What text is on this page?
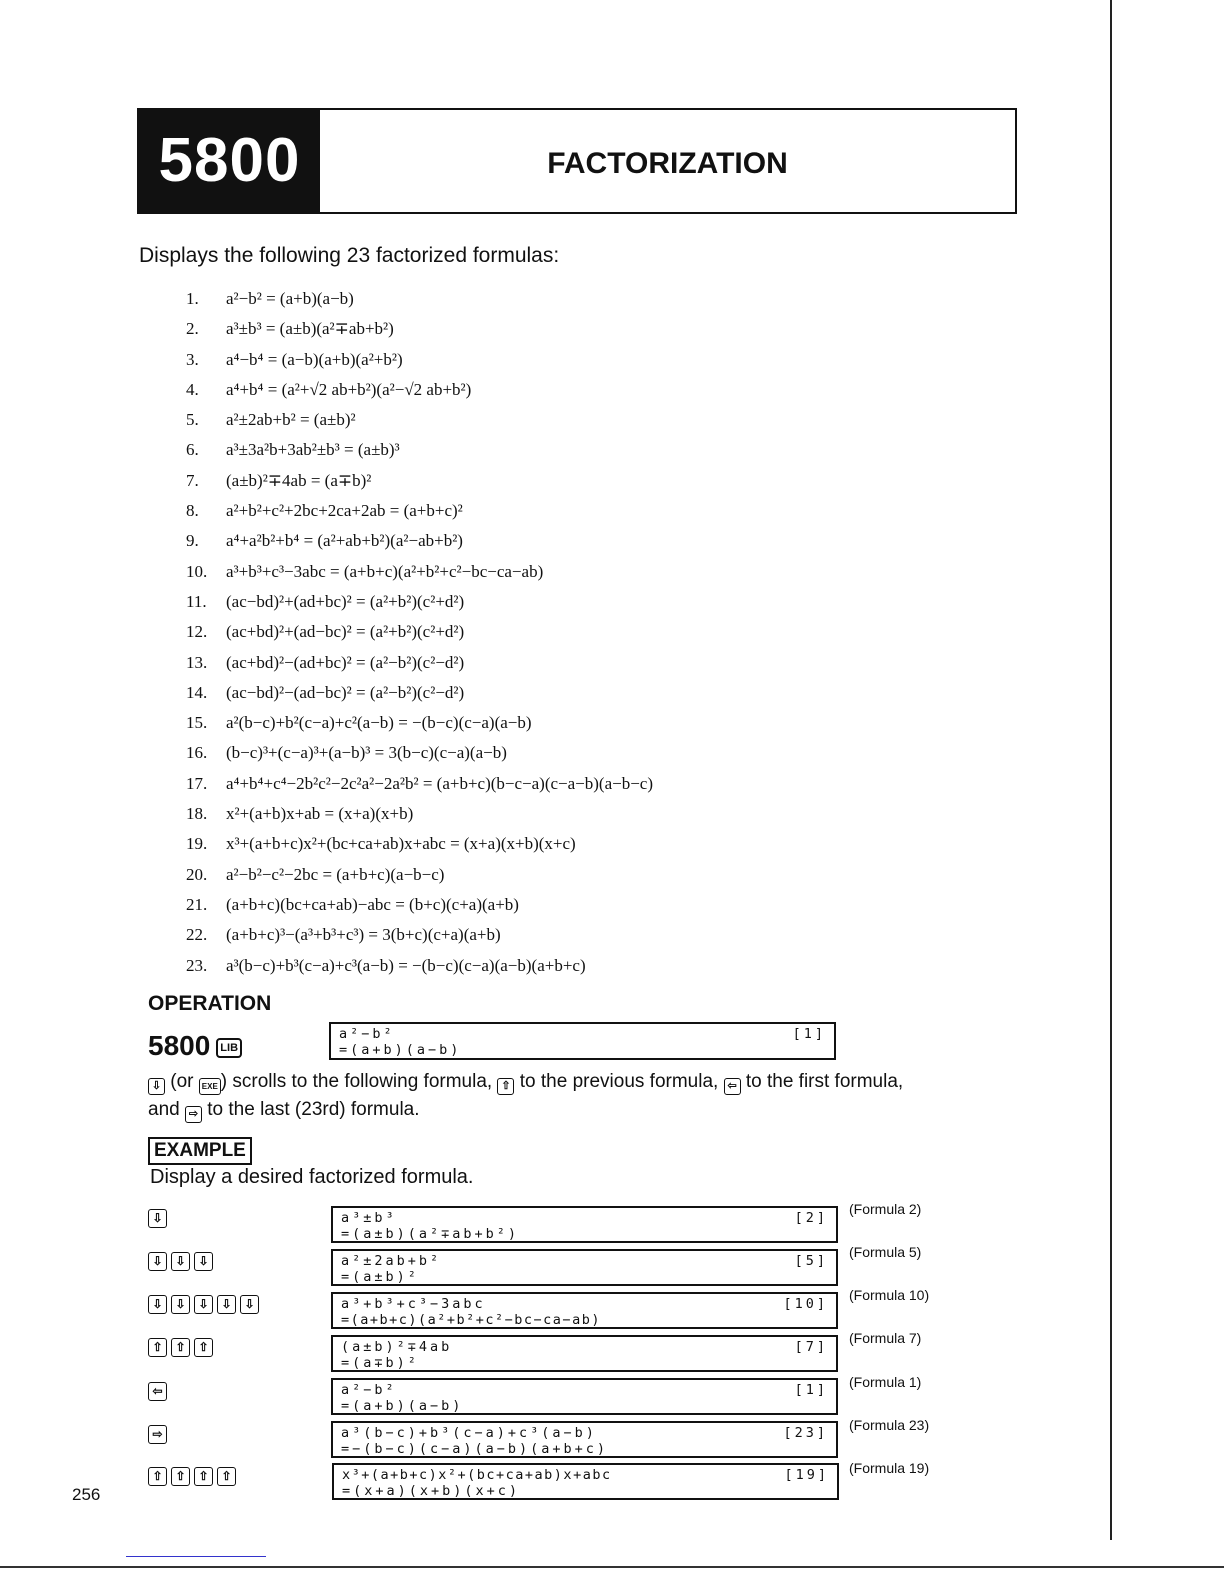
5800	FACTORIZATION
Displays the following 23 factorized formulas:
1. a²−b² = (a+b)(a−b)
2. a³±b³ = (a±b)(a²∓ab+b²)
3. a⁴−b⁴ = (a−b)(a+b)(a²+b²)
4. a⁴+b⁴ = (a²+√2 ab+b²)(a²−√2 ab+b²)
5. a²±2ab+b² = (a±b)²
6. a³±3a²b+3ab²±b³ = (a±b)³
7. (a±b)²∓4ab = (a∓b)²
8. a²+b²+c²+2bc+2ca+2ab = (a+b+c)²
9. a⁴+a²b²+b⁴ = (a²+ab+b²)(a²−ab+b²)
10. a³+b³+c³−3abc = (a+b+c)(a²+b²+c²−bc−ca−ab)
11. (ac−bd)²+(ad+bc)² = (a²+b²)(c²+d²)
12. (ac+bd)²+(ad−bc)² = (a²+b²)(c²+d²)
13. (ac+bd)²−(ad+bc)² = (a²−b²)(c²−d²)
14. (ac−bd)²−(ad−bc)² = (a²−b²)(c²−d²)
15. a²(b−c)+b²(c−a)+c²(a−b) = −(b−c)(c−a)(a−b)
16. (b−c)³+(c−a)³+(a−b)³ = 3(b−c)(c−a)(a−b)
17. a⁴+b⁴+c⁴−2b²c²−2c²a²−2a²b² = (a+b+c)(b−c−a)(c−a−b)(a−b−c)
18. x²+(a+b)x+ab = (x+a)(x+b)
19. x³+(a+b+c)x²+(bc+ca+ab)x+abc = (x+a)(x+b)(x+c)
20. a²−b²−c²−2bc = (a+b+c)(a−b−c)
21. (a+b+c)(bc+ca+ab)−abc = (b+c)(c+a)(a+b)
22. (a+b+c)³−(a³+b³+c³) = 3(b+c)(c+a)(a+b)
23. a³(b−c)+b³(c−a)+c³(a−b) = −(b−c)(c−a)(a−b)(a+b+c)
OPERATION
5800 LIB
a²−b²
=(a+b)(a−b)
[1]
⇩ (or EXE ) scrolls to the following formula, ⇧ to the previous formula, ⇦ to the first formula,
and ⇨ to the last (23rd) formula.
EXAMPLE
Display a desired factorized formula.
⇩	a³±b³
=(a±b)(a²∓ab+b²)
[2]
(Formula 2)
⇩ ⇩ ⇩	a²±2ab+b²
=(a±b)²
[5]
(Formula 5)
⇩ ⇩ ⇩ ⇩ ⇩	a³+b³+c³−3abc
=(a+b+c)(a²+b²+c²−bc−ca−ab)
[10]
(Formula 10)
⇧ ⇧ ⇧	(a±b)²∓4ab
=(a∓b)²
[7]
(Formula 7)
⇦	a²−b²
=(a+b)(a−b)
[1] (Formula 1)
⇨	a³(b−c)+b³(c−a)+c³(a−b)
=−(b−c)(c−a)(a−b)(a+b+c)
[23] (Formula 23)
⇧ ⇧ ⇧ ⇧	x³+(a+b+c)x²+(bc+ca+ab)x+abc
=(x+a)(x+b)(x+c)
[19] (Formula 19)
256
